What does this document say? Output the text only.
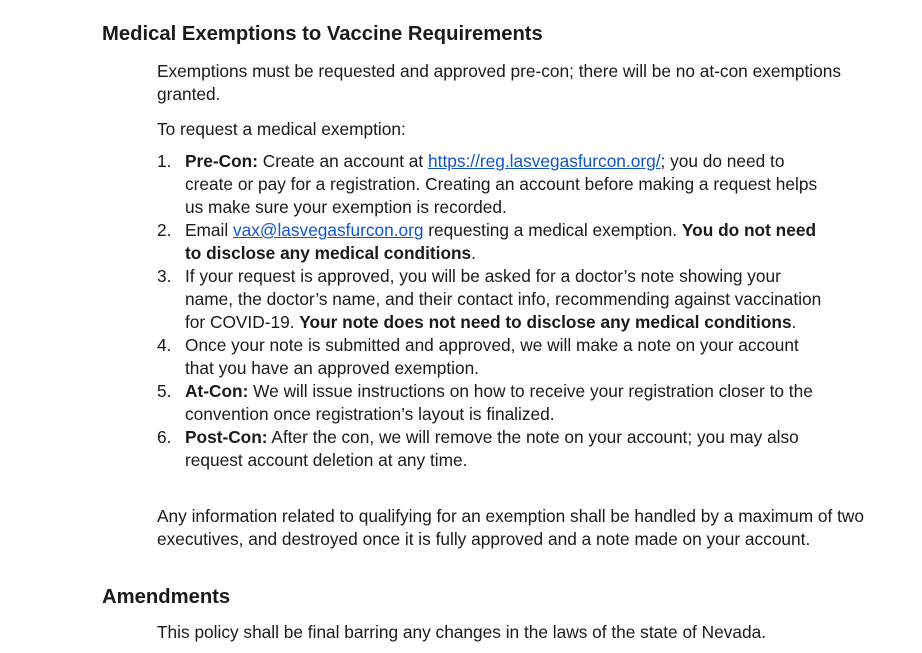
Medical Exemptions to Vaccine Requirements

Exemptions must be requested and approved pre-con; there will be no at-con exemptions granted.

To request a medical exemption:

1. Pre-Con: Create an account at https://reg.lasvegasfurcon.org/; you do need to create or pay for a registration. Creating an account before making a request helps us make sure your exemption is recorded.
2. Email vax@lasvegasfurcon.org requesting a medical exemption. You do not need to disclose any medical conditions.
3. If your request is approved, you will be asked for a doctor’s note showing your name, the doctor’s name, and their contact info, recommending against vaccination for COVID-19. Your note does not need to disclose any medical conditions.
4. Once your note is submitted and approved, we will make a note on your account that you have an approved exemption.
5. At-Con: We will issue instructions on how to receive your registration closer to the convention once registration’s layout is finalized.
6. Post-Con: After the con, we will remove the note on your account; you may also request account deletion at any time.

Any information related to qualifying for an exemption shall be handled by a maximum of two executives, and destroyed once it is fully approved and a note made on your account.

Amendments

This policy shall be final barring any changes in the laws of the state of Nevada.
